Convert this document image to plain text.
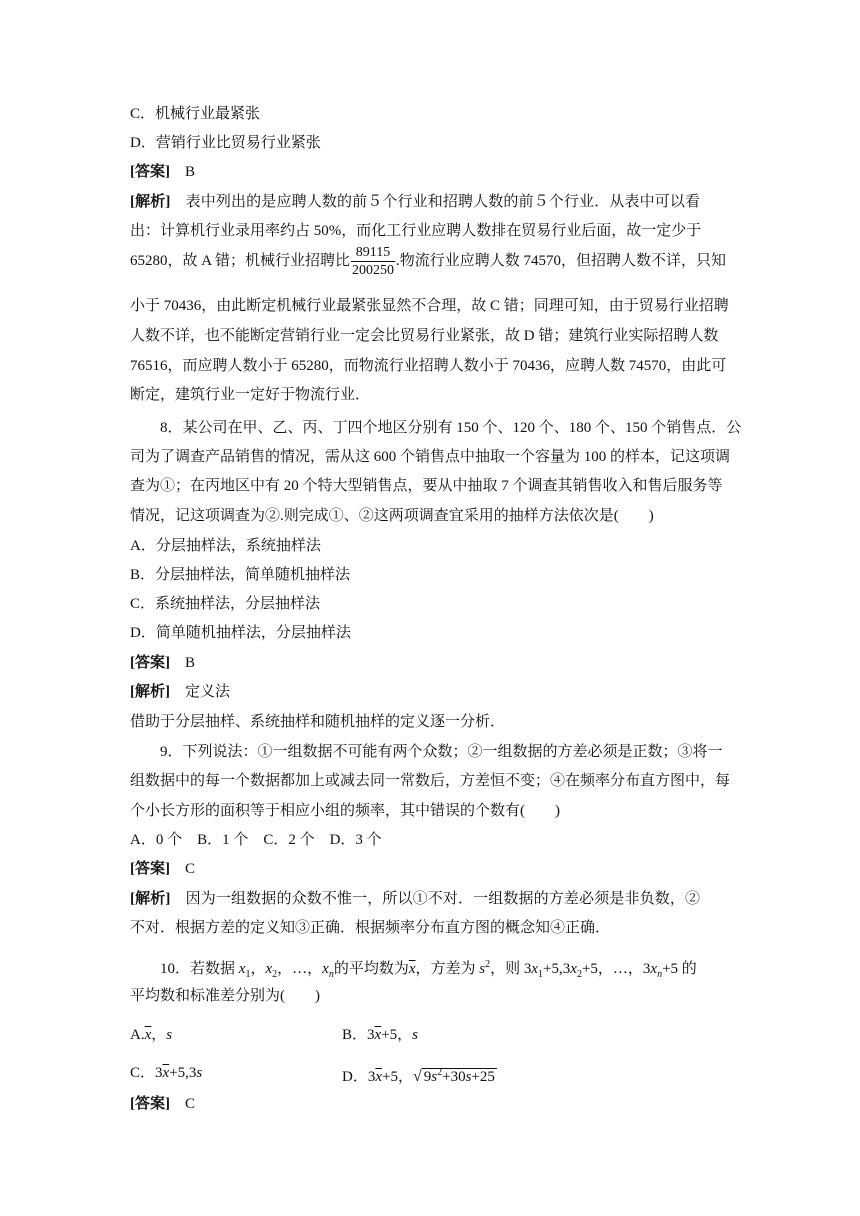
C．机械行业最紧张
D．营销行业比贸易行业紧张
[答案]　 B
[解析]　 表中列出的是应聘人数的前５个行业和招聘人数的前５个行业．从表中可以看
出：计算机行业录用率约占 50%，而化工行业应聘人数排在贸易行业后面，故一定少于
65280，故 A 错；机械行业招聘比 $\frac{89115}{200250}$ .物流行业应聘人数 74570，但招聘人数不详，只知
小于 70436，由此断定机械行业最紧张显然不合理，故 C 错；同理可知，由于贸易行业招聘
人数不详，也不能断定营销行业一定会比贸易行业紧张，故 D 错；建筑行业实际招聘人数
76516，而应聘人数小于 65280，而物流行业招聘人数小于 70436，应聘人数 74570，由此可
断定，建筑行业一定好于物流行业．
8．某公司在甲、乙、丙、丁四个地区分别有 150 个、120 个、180 个、150 个销售点．公
司为了调查产品销售的情况，需从这 600 个销售点中抽取一个容量为 100 的样本，记这项调
查为①；在丙地区中有 20 个特大型销售点，要从中抽取 7 个调查其销售收入和售后服务等
情况，记这项调查为②.则完成①、②这两项调查宜采用的抽样方法依次是(　　)
A．分层抽样法，系统抽样法
B．分层抽样法，简单随机抽样法
C．系统抽样法，分层抽样法
D．简单随机抽样法，分层抽样法
[答案]　 B
[解析]　 定义法
借助于分层抽样、系统抽样和随机抽样的定义逐一分析．
9．下列说法：①一组数据不可能有两个众数；②一组数据的方差必须是正数；③将一
组数据中的每一个数据都加上或减去同一常数后，方差恒不变；④在频率分布直方图中，每
个小长方形的面积等于相应小组的频率，其中错误的个数有(　　)
A．0 个　B．1 个　C．2 个　D．3 个
[答案]　 C
[解析]　 因为一组数据的众数不惟一，所以①不对．一组数据的方差必须是非负数，②
不对．根据方差的定义知③正确．根据频率分布直方图的概念知④正确．
10．若数据 $x_1$，$x_2$，…，$x_n$的平均数为$\overline{x}$，方差为 $s^2$，则 $3x_1+5,3x_2+5$，…，$3x_n+5$ 的
平均数和标准差分别为(　　)
$A.\overline{x}$，s	B．$3\overline{x}+5$，s
C．$3\overline{x}+5,3s$	D．$3\overline{x}+5$，√ $9s^2+30s+25$
[答案]　 C
